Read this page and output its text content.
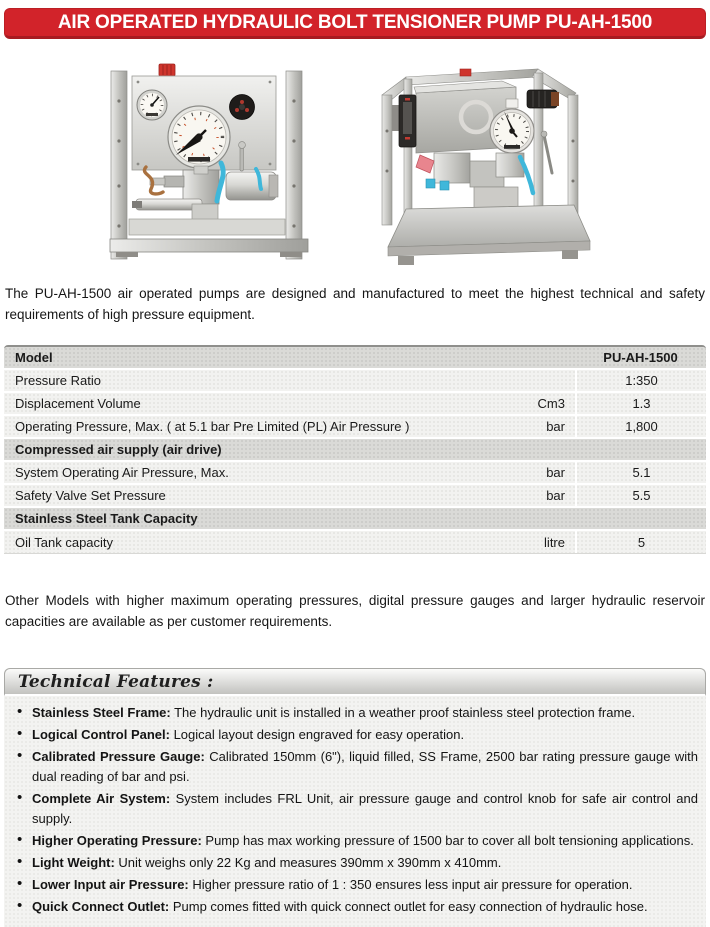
AIR OPERATED HYDRAULIC BOLT TENSIONER PUMP PU-AH-1500

The PU-AH-1500 air operated pumps are designed and manufactured to meet the highest technical and safety requirements of high pressure equipment.

Model	PU-AH-1500
Pressure Ratio	1:350
Displacement Volume	Cm3	1.3
Operating Pressure, Max. ( at 5.1 bar Pre Limited (PL) Air Pressure )	bar	1,800
Compressed air supply (air drive)
System Operating Air Pressure, Max.	bar	5.1
Safety Valve Set Pressure	bar	5.5
Stainless Steel Tank Capacity
Oil Tank capacity	litre	5

Other Models with higher maximum operating pressures, digital pressure gauges and larger hydraulic reservoir capacities are available as per customer requirements.

Technical Features :
• Stainless Steel Frame: The hydraulic unit is installed in a weather proof stainless steel protection frame.
• Logical Control Panel: Logical layout design engraved for easy operation.
• Calibrated Pressure Gauge: Calibrated 150mm (6"), liquid filled, SS Frame, 2500 bar rating pressure gauge with dual reading of bar and psi.
• Complete Air System: System includes FRL Unit, air pressure gauge and control knob for safe air control and supply.
• Higher Operating Pressure: Pump has max working pressure of 1500 bar to cover all bolt tensioning applications.
• Light Weight: Unit weighs only 22 Kg and measures 390mm x 390mm x 410mm.
• Lower Input air Pressure: Higher pressure ratio of 1 : 350 ensures less input air pressure for operation.
• Quick Connect Outlet: Pump comes fitted with quick connect outlet for easy connection of hydraulic hose.
